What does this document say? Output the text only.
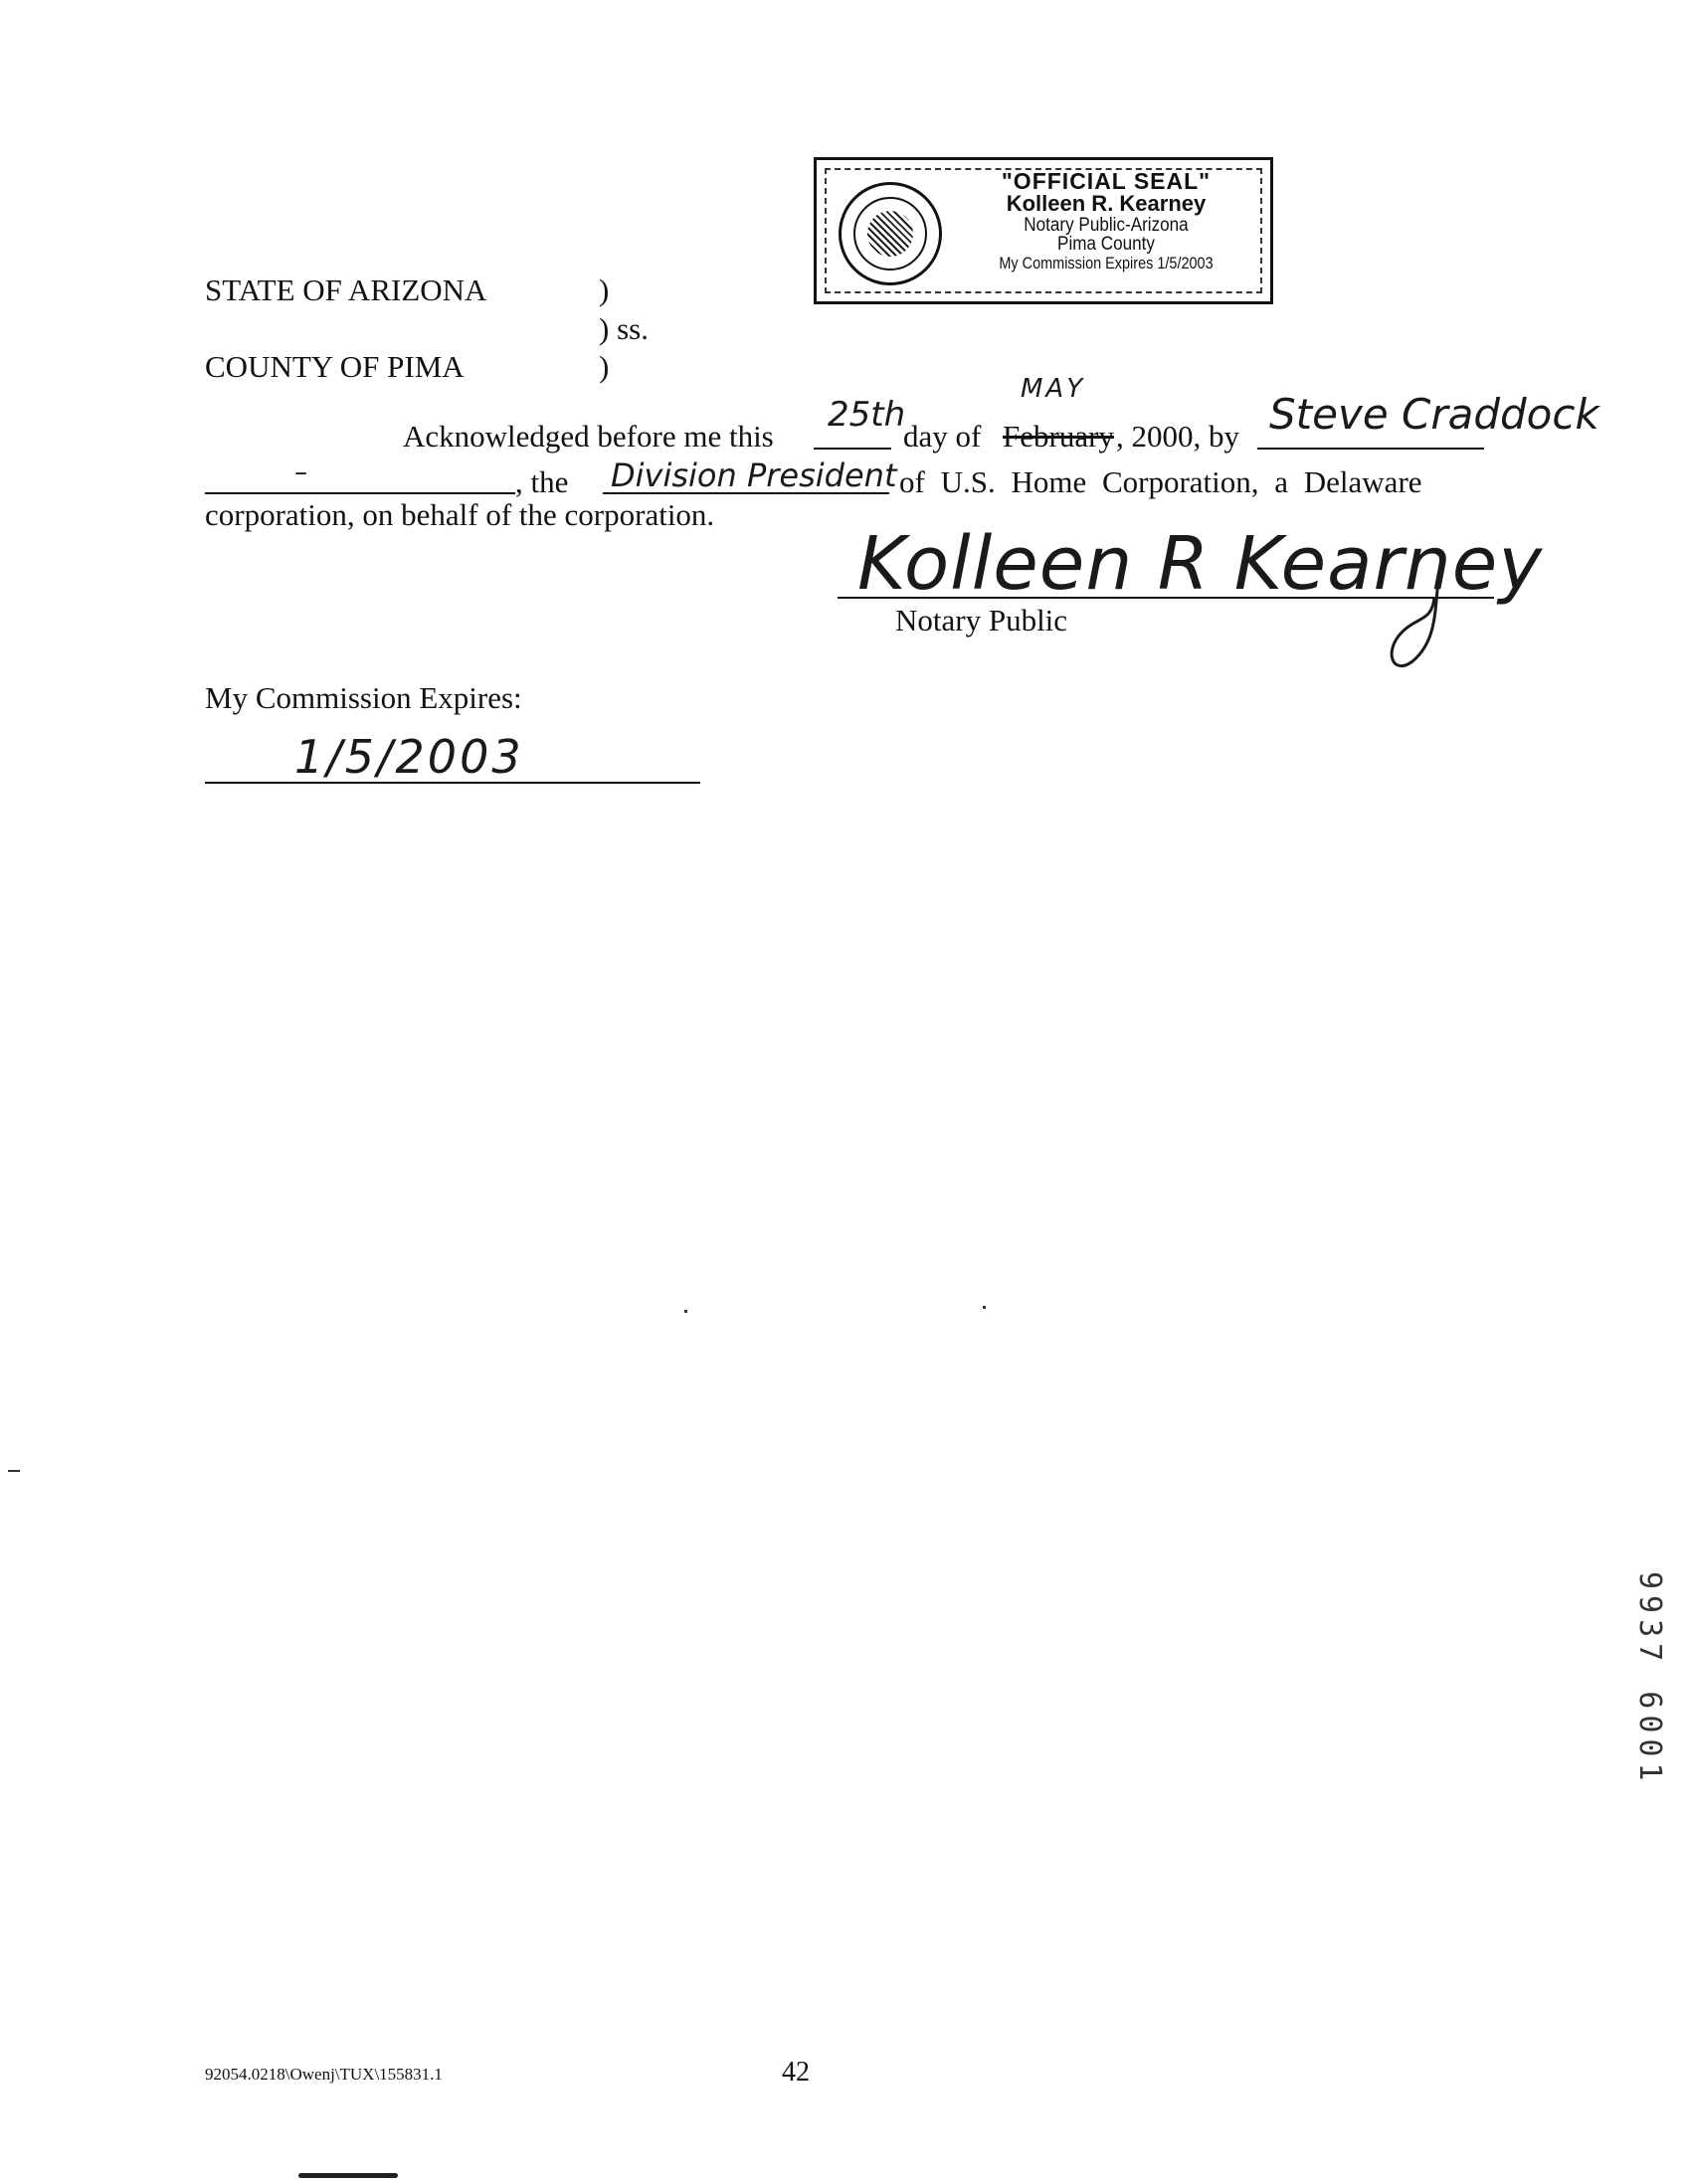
"OFFICIAL SEAL"
Kolleen R. Kearney
Notary Public-Arizona
Pima County
My Commission Expires 1/5/2003
STATE OF ARIZONA	)
) ss.
COUNTY OF PIMA	)
Acknowledged before me this
25th
day of
MAY
February , 2000, by Steve Craddock
–	, the Division President of U.S. Home Corporation, a Delaware
corporation, on behalf of the corporation.
Kolleen R Kearney
Notary Public
My Commission Expires:
1/5/2003
9937 6001
92054.0218\Owenj\TUX\155831.1	42
